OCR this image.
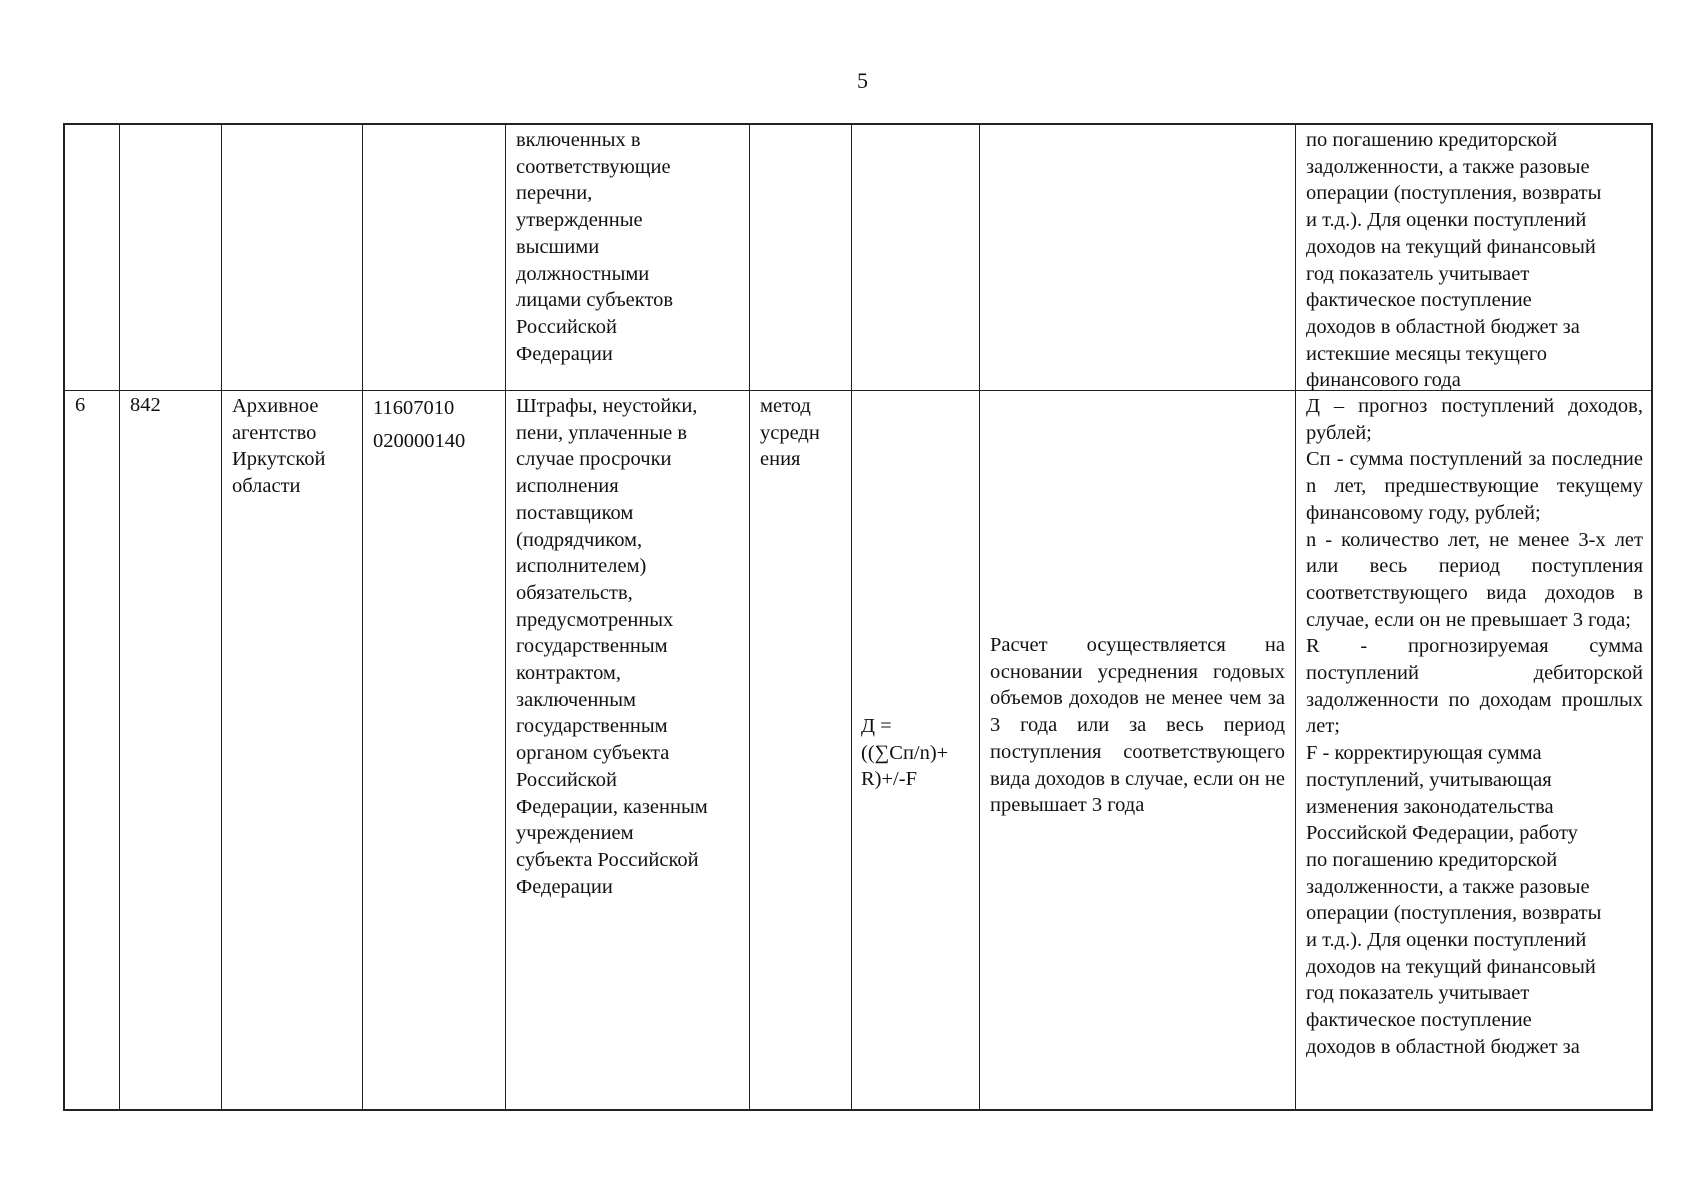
5

включенных в

соответствующие

перечни,

утвержденные

высшими

должностными

лицами субъектов

Российской

Федерации

по погашению кредиторской

задолженности, а также разовые

операции (поступления, возвраты

и т.д.). Для оценки поступлений

доходов на текущий финансовый

год показатель учитывает

фактическое поступление

доходов в областной бюджет за

истекшие месяцы текущего

финансового года

6	842	Архивное

агентство

Иркутской

области

11607010

020000140

Штрафы, неустойки,

пени, уплаченные в

случае просрочки

исполнения

поставщиком

(подрядчиком,

исполнителем)

обязательств,

предусмотренных

государственным

контрактом,

заключенным

государственным

органом субъекта

Российской

Федерации, казенным

учреждением

субъекта Российской

Федерации

метод

усредн

ения

Д =

((∑Сп/n)+

R)+/-F

Расчет осуществляется на основании усреднения годовых объемов доходов не менее чем за 3 года или за весь период поступления соответствующего вида доходов в случае, если он не превышает 3 года

Д – прогноз поступлений доходов, рублей;

Сп - сумма поступлений за последние n лет, предшествующие текущему финансовому году, рублей;

n - количество лет, не менее 3-х лет или весь период поступления соответствующего вида доходов в случае, если он не превышает 3 года;

R - прогнозируемая сумма поступлений дебиторской задолженности по доходам прошлых лет;

F - корректирующая сумма

поступлений, учитывающая

изменения законодательства

Российской Федерации, работу

по погашению кредиторской

задолженности, а также разовые

операции (поступления, возвраты

и т.д.). Для оценки поступлений

доходов на текущий финансовый

год показатель учитывает

фактическое поступление

доходов в областной бюджет за
